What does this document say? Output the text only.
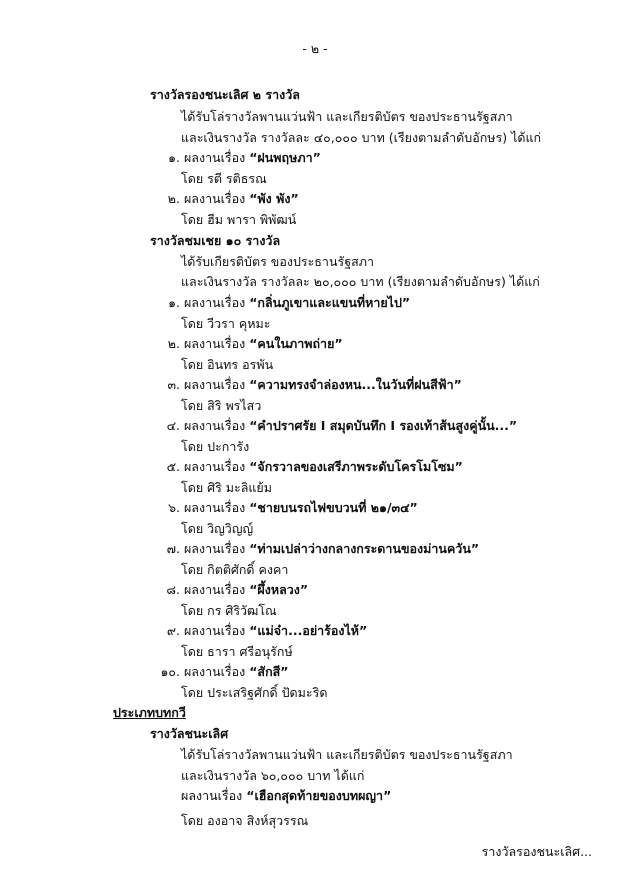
- ๒ -
รางวัลรองชนะเลิศ ๒ รางวัล
ได้รับโล่รางวัลพานแว่นฟ้า และเกียรติบัตร ของประธานรัฐสภา
และเงินรางวัล รางวัลละ ๔๐,๐๐๐ บาท (เรียงตามลำดับอักษร) ได้แก่
๑. ผลงานเรื่อง “ฝนพฤษภา”
โดย รตี รติธรณ
๒. ผลงานเรื่อง “พัง พัง”
โดย ฮีม พารา พิพัฒน์
รางวัลชมเชย ๑๐ รางวัล
ได้รับเกียรติบัตร ของประธานรัฐสภา
และเงินรางวัล รางวัลละ ๒๐,๐๐๐ บาท (เรียงตามลำดับอักษร) ได้แก่
๑. ผลงานเรื่อง “กลิ่นภูเขาและแขนที่หายไป”
โดย วีวรา คุหมะ
๒. ผลงานเรื่อง “คนในภาพถ่าย”
โดย อินทร อรพัน
๓. ผลงานเรื่อง “ความทรงจำล่องหน...ในวันที่ฝนสีฟ้า”
โดย สิริ พรไสว
๔. ผลงานเรื่อง “คำปราศรัย I สมุดบันทึก I รองเท้าส้นสูงคู่นั้น...”
โดย ปะการัง
๕. ผลงานเรื่อง “จักรวาลของเสรีภาพระดับโครโมโซม”
โดย ศิริ มะลิแย้ม
๖. ผลงานเรื่อง “ชายบนรถไฟขบวนที่ ๒๑/๓๔”
โดย วิญวิญญ์
๗. ผลงานเรื่อง “ท่ามเปล่าว่างกลางกระดานของม่านควัน”
โดย กิตติศักดิ์ คงคา
๘. ผลงานเรื่อง “ผึ้งหลวง”
โดย กร ศิริวัฒโณ
๙. ผลงานเรื่อง “แม่จ๋า...อย่าร้องไห้”
โดย ธารา ศรีอนุรักษ์
๑๐. ผลงานเรื่อง “สักสี”
โดย ประเสริฐศักดิ์ ปัดมะริด
ประเภทบทกวี
รางวัลชนะเลิศ
ได้รับโล่รางวัลพานแว่นฟ้า และเกียรติบัตร ของประธานรัฐสภา
และเงินรางวัล ๖๐,๐๐๐ บาท ได้แก่
ผลงานเรื่อง “เฮือกสุดท้ายของบทผญา”
โดย องอาจ สิงห์สุวรรณ
รางวัลรองชนะเลิศ...
